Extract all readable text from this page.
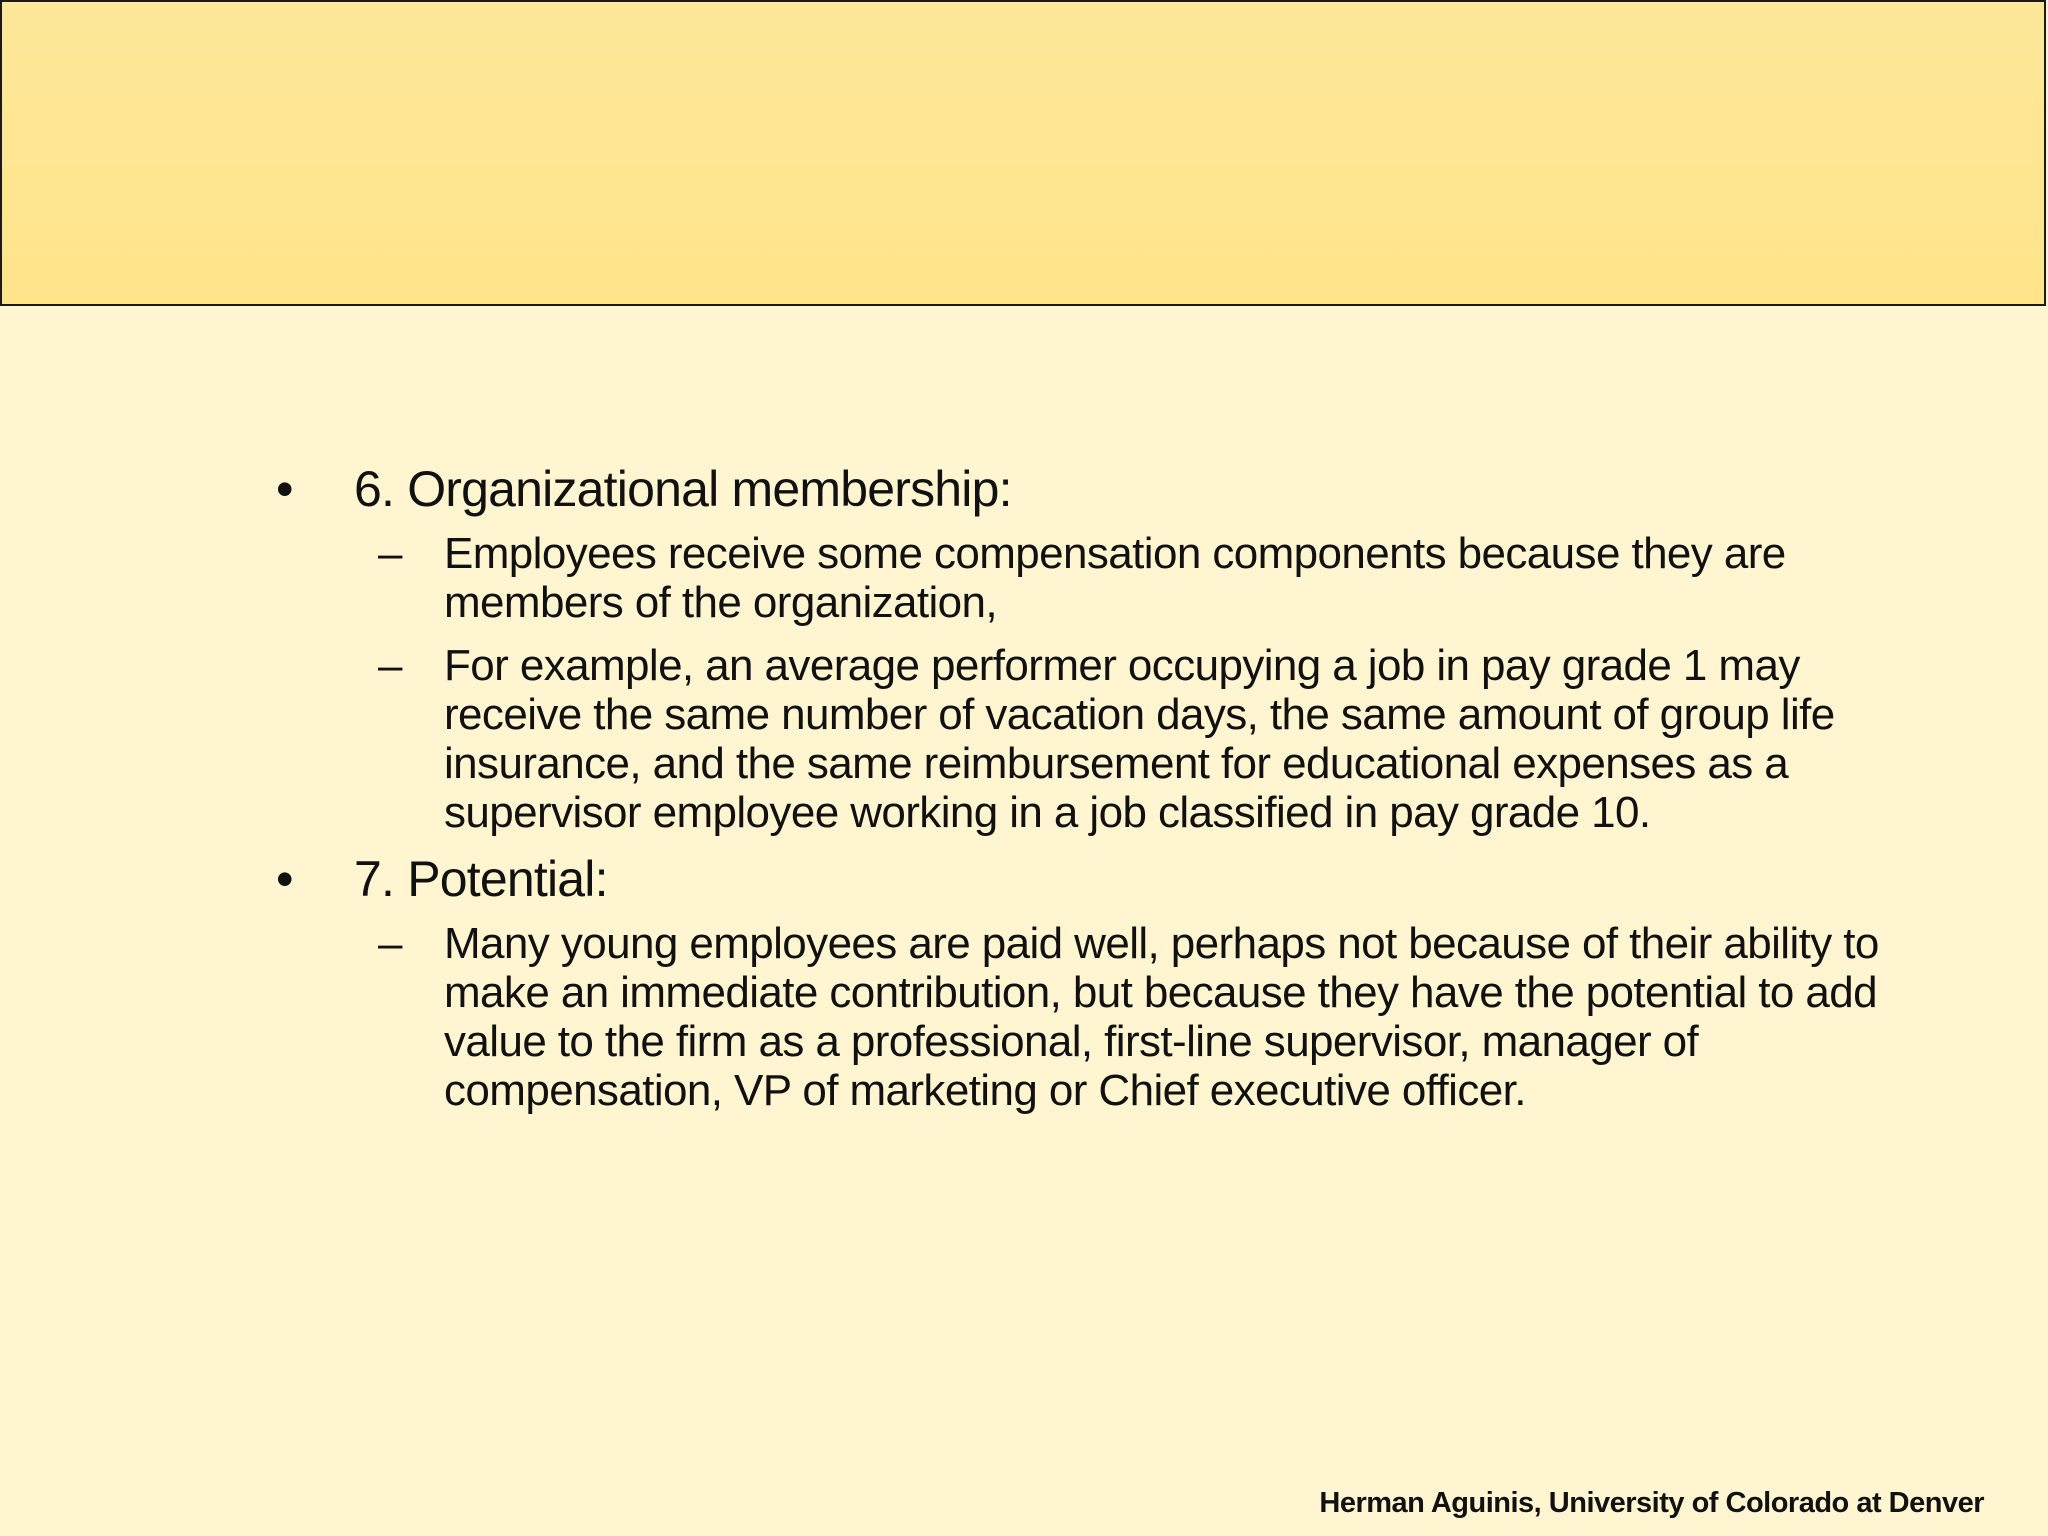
• 6. Organizational membership:
– Employees receive some compensation components because they are members of the organization,
– For example, an average performer occupying a job in pay grade 1 may receive the same number of vacation days, the same amount of group life insurance, and the same reimbursement for educational expenses as a supervisor employee working in a job classified in pay grade 10.
• 7. Potential:
– Many young employees are paid well, perhaps not because of their ability to make an immediate contribution, but because they have the potential to add value to the firm as a professional, first-line supervisor, manager of compensation, VP of marketing or Chief executive officer.
Herman Aguinis, University of Colorado at Denver
